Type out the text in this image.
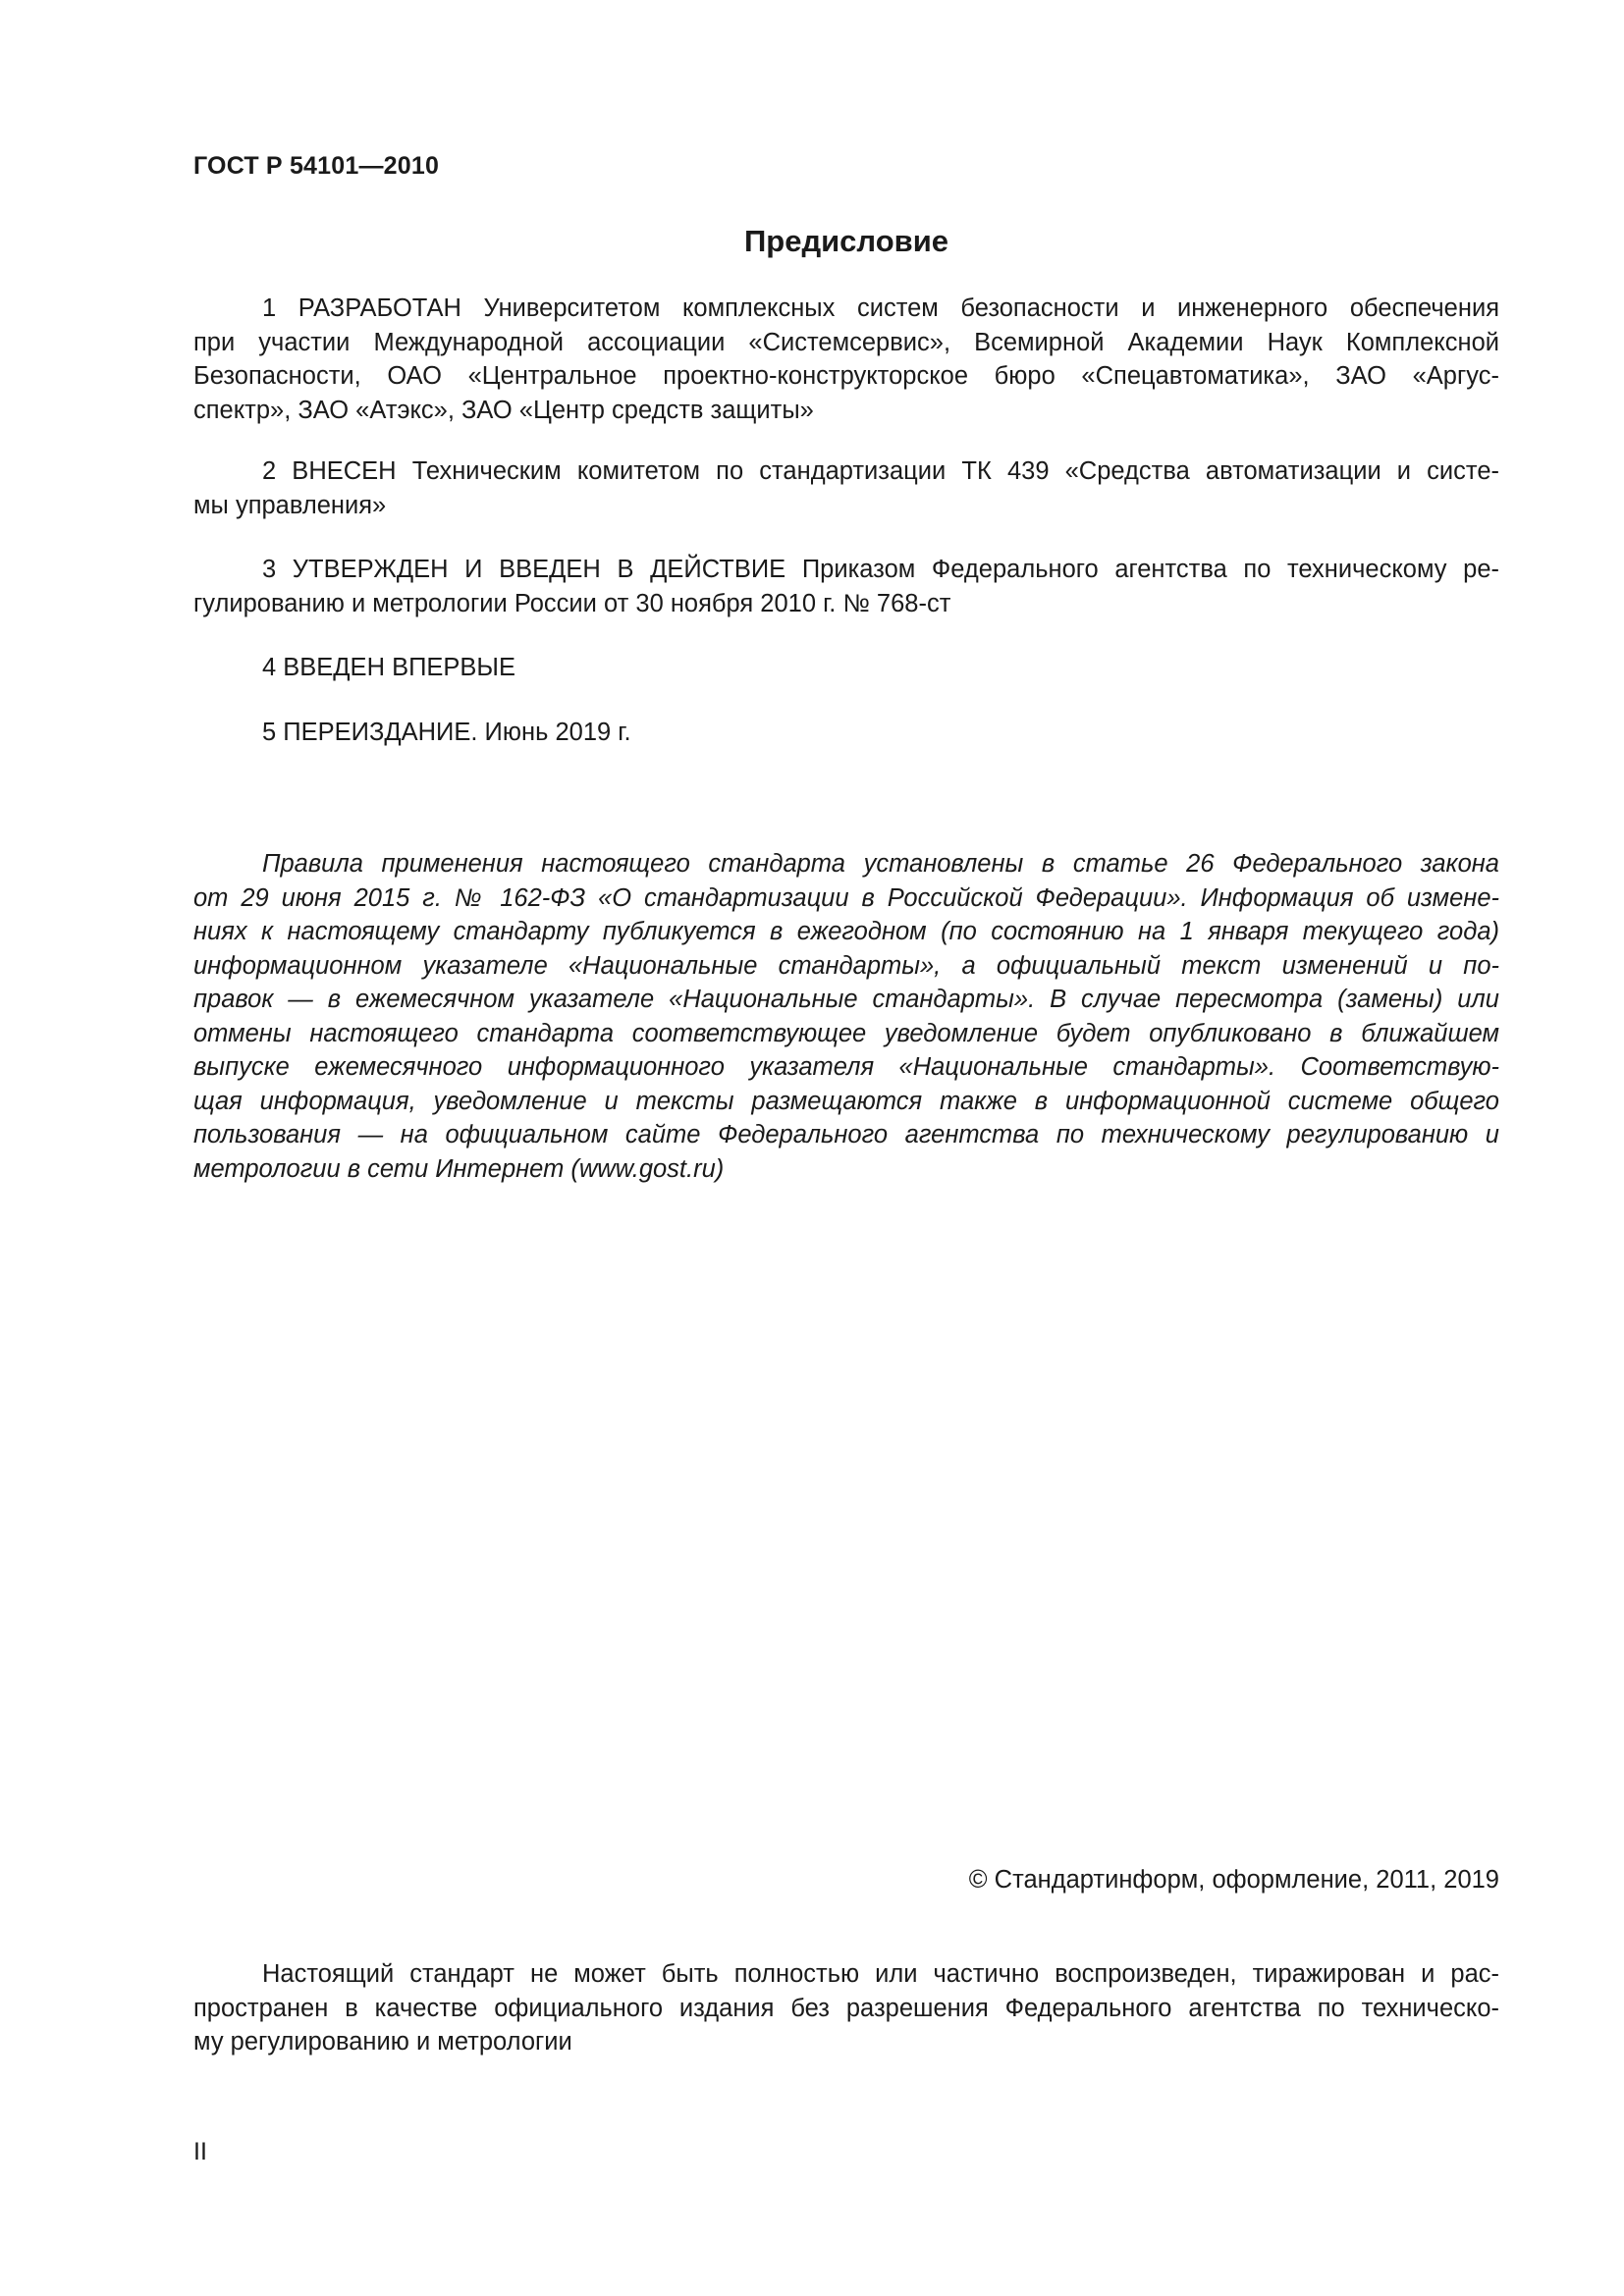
ГОСТ Р 54101—2010
Предисловие
1 РАЗРАБОТАН Университетом комплексных систем безопасности и инженерного обеспечения
при участии Международной ассоциации «Системсервис», Всемирной Академии Наук Комплексной
Безопасности, ОАО «Центральное проектно-конструкторское бюро «Спецавтоматика», ЗАО «Аргус-
спектр», ЗАО «Атэкс», ЗАО «Центр средств защиты»
2 ВНЕСЕН Техническим комитетом по стандартизации ТК 439 «Средства автоматизации и систе-
мы управления»
3 УТВЕРЖДЕН И ВВЕДЕН В ДЕЙСТВИЕ Приказом Федерального агентства по техническому ре-
гулированию и метрологии России от 30 ноября 2010 г. № 768-ст
4 ВВЕДЕН ВПЕРВЫЕ
5 ПЕРЕИЗДАНИЕ. Июнь 2019 г.
Правила применения настоящего стандарта установлены в статье 26 Федерального закона
от 29 июня 2015 г. № 162-ФЗ «О стандартизации в Российской Федерации». Информация об измене-
ниях к настоящему стандарту публикуется в ежегодном (по состоянию на 1 января текущего года)
информационном указателе «Национальные стандарты», а официальный текст изменений и по-
правок — в ежемесячном указателе «Национальные стандарты». В случае пересмотра (замены) или
отмены настоящего стандарта соответствующее уведомление будет опубликовано в ближайшем
выпуске ежемесячного информационного указателя «Национальные стандарты». Соответствую-
щая информация, уведомление и тексты размещаются также в информационной системе общего
пользования — на официальном сайте Федерального агентства по техническому регулированию и
метрологии в сети Интернет (www.gost.ru)
© Стандартинформ, оформление, 2011, 2019
Настоящий стандарт не может быть полностью или частично воспроизведен, тиражирован и рас-
пространен в качестве официального издания без разрешения Федерального агентства по техническо-
му регулированию и метрологии
II
